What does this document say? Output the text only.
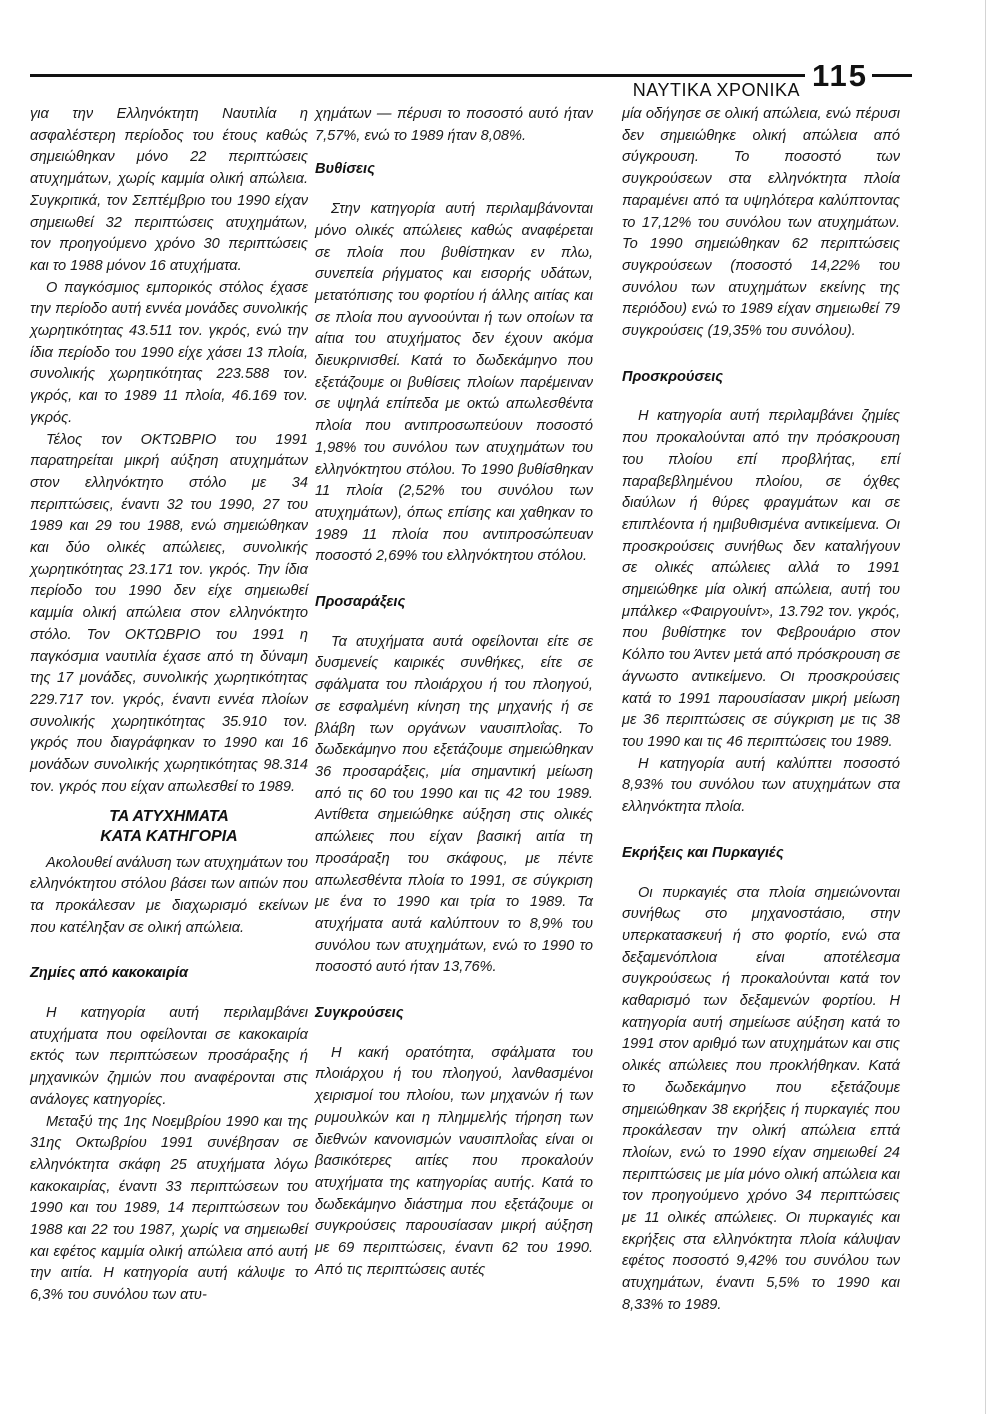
ΝΑΥΤΙΚΑ ΧΡΟΝΙΚΑ 115

για την Ελληνόκτητη Ναυτιλία η ασφαλέστερη περίοδος του έτους καθώς σημειώθηκαν μόνο 22 περιπτώσεις ατυχημάτων, χωρίς καμμία ολική απώλεια. Συγκριτικά, τον Σεπτέμβριο του 1990 είχαν σημειωθεί 32 περιπτώσεις ατυχημάτων, τον προηγούμενο χρόνο 30 περιπτώσεις και το 1988 μόνον 16 ατυχήματα.

Ο παγκόσμιος εμπορικός στόλος έχασε την περίοδο αυτή εννέα μονάδες συνολικής χωρητικότητας 43.511 τον. γκρός, ενώ την ίδια περίοδο του 1990 είχε χάσει 13 πλοία, συνολικής χωρητικότητας 223.588 τον. γκρός, και το 1989 11 πλοία, 46.169 τον. γκρός.

Τέλος τον ΟΚΤΩΒΡΙΟ του 1991 παρατηρείται μικρή αύξηση ατυχημάτων στον ελληνόκτητο στόλο με 34 περιπτώσεις, έναντι 32 του 1990, 27 του 1989 και 29 του 1988, ενώ σημειώθηκαν και δύο ολικές απώλειες, συνολικής χωρητικότητας 23.171 τον. γκρός. Την ίδια περίοδο του 1990 δεν είχε σημειωθεί καμμία ολική απώλεια στον ελληνόκτητο στόλο. Τον ΟΚΤΩΒΡΙΟ του 1991 η παγκόσμια ναυτιλία έχασε από τη δύναμη της 17 μονάδες, συνολικής χωρητικότητας 229.717 τον. γκρός, έναντι εννέα πλοίων συνολικής χωρητικότητας 35.910 τον. γκρός που διαγράφηκαν το 1990 και 16 μονάδων συνολικής χωρητικότητας 98.314 τον. γκρός που είχαν απωλεσθεί το 1989.

ΤΑ ΑΤΥΧΗΜΑΤΑ
ΚΑΤΑ ΚΑΤΗΓΟΡΙΑ

Ακολουθεί ανάλυση των ατυχημάτων του ελληνόκτητου στόλου βάσει των αιτιών που τα προκάλεσαν με διαχωρισμό εκείνων που κατέληξαν σε ολική απώλεια.

Ζημίες από κακοκαιρία

Η κατηγορία αυτή περιλαμβάνει ατυχήματα που οφείλονται σε κακοκαιρία εκτός των περιπτώσεων προσάραξης ή μηχανικών ζημιών που αναφέρονται στις ανάλογες κατηγορίες.

Μεταξύ της 1ης Νοεμβρίου 1990 και της 31ης Οκτωβρίου 1991 συνέβησαν σε ελληνόκτητα σκάφη 25 ατυχήματα λόγω κακοκαιρίας, έναντι 33 περιπτώσεων του 1990 και του 1989, 14 περιπτώσεων του 1988 και 22 του 1987, χωρίς να σημειωθεί και εφέτος καμμία ολική απώλεια από αυτή την αιτία. Η κατηγορία αυτή κάλυψε το 6,3% του συνόλου των ατυ-

χημάτων — πέρυσι το ποσοστό αυτό ήταν 7,57%, ενώ το 1989 ήταν 8,08%.

Βυθίσεις

Στην κατηγορία αυτή περιλαμβάνονται μόνο ολικές απώλειες καθώς αναφέρεται σε πλοία που βυθίστηκαν εν πλω, συνεπεία ρήγματος και εισορής υδάτων, μετατόπισης του φορτίου ή άλλης αιτίας και σε πλοία που αγνοούνται ή των οποίων τα αίτια του ατυχήματος δεν έχουν ακόμα διευκρινισθεί. Κατά το δωδεκάμηνο που εξετάζουμε οι βυθίσεις πλοίων παρέμειναν σε υψηλά επίπεδα με οκτώ απωλεσθέντα πλοία που αντιπροσωπεύουν ποσοστό 1,98% του συνόλου των ατυχημάτων του ελληνόκτητου στόλου. Το 1990 βυθίσθηκαν 11 πλοία (2,52% του συνόλου των ατυχημάτων), όπως επίσης και χαθηκαν το 1989 11 πλοία που αντιπροσώπευαν ποσοστό 2,69% του ελληνόκτητου στόλου.

Προσαράξεις

Τα ατυχήματα αυτά οφείλονται είτε σε δυσμενείς καιρικές συνθήκες, είτε σε σφάλματα του πλοιάρχου ή του πλοηγού, σε εσφαλμένη κίνηση της μηχανής ή σε βλάβη των οργάνων ναυσιπλοΐας. Το δωδεκάμηνο που εξετάζουμε σημειώθηκαν 36 προσαράξεις, μία σημαντική μείωση από τις 60 του 1990 και τις 42 του 1989. Αντίθετα σημειώθηκε αύξηση στις ολικές απώλειες που είχαν βασική αιτία τη προσάραξη του σκάφους, με πέντε απωλεσθέντα πλοία το 1991, σε σύγκριση με ένα το 1990 και τρία το 1989. Τα ατυχήματα αυτά καλύπτουν το 8,9% του συνόλου των ατυχημάτων, ενώ το 1990 το ποσοστό αυτό ήταν 13,76%.

Συγκρούσεις

Η κακή ορατότητα, σφάλματα του πλοιάρχου ή του πλοηγού, λανθασμένοι χειρισμοί του πλοίου, των μηχανών ή των ρυμουλκών και η πλημμελής τήρηση των διεθνών κανονισμών ναυσιπλοΐας είναι οι βασικότερες αιτίες που προκαλούν ατυχήματα της κατηγορίας αυτής. Κατά το δωδεκάμηνο διάστημα που εξετάζουμε οι συγκρούσεις παρουσίασαν μικρή αύξηση με 69 περιπτώσεις, έναντι 62 του 1990. Από τις περιπτώσεις αυτές

μία οδήγησε σε ολική απώλεια, ενώ πέρυσι δεν σημειώθηκε ολική απώλεια από σύγκρουση. Το ποσοστό των συγκρούσεων στα ελληνόκτητα πλοία παραμένει από τα υψηλότερα καλύπτοντας το 17,12% του συνόλου των ατυχημάτων. Το 1990 σημειώθηκαν 62 περιπτώσεις συγκρούσεων (ποσοστό 14,22% του συνόλου των ατυχημάτων εκείνης της περιόδου) ενώ το 1989 είχαν σημειωθεί 79 συγκρούσεις (19,35% του συνόλου).

Προσκρούσεις

Η κατηγορία αυτή περιλαμβάνει ζημίες που προκαλούνται από την πρόσκρουση του πλοίου επί προβλήτας, επί παραβεβλημένου πλοίου, σε όχθες διαύλων ή θύρες φραγμάτων και σε επιπλέοντα ή ημιβυθισμένα αντικείμενα. Οι προσκρούσεις συνήθως δεν καταλήγουν σε ολικές απώλειες αλλά το 1991 σημειώθηκε μία ολική απώλεια, αυτή του μπάλκερ «Φαιργουίντ», 13.792 τον. γκρός, που βυθίστηκε τον Φεβρουάριο στον Κόλπο του Άντεν μετά από πρόσκρουση σε άγνωστο αντικείμενο. Οι προσκρούσεις κατά το 1991 παρουσίασαν μικρή μείωση με 36 περιπτώσεις σε σύγκριση με τις 38 του 1990 και τις 46 περιπτώσεις του 1989.

Η κατηγορία αυτή καλύπτει ποσοστό 8,93% του συνόλου των ατυχημάτων στα ελληνόκτητα πλοία.

Εκρήξεις και Πυρκαγιές

Οι πυρκαγιές στα πλοία σημειώνονται συνήθως στο μηχανοστάσιο, στην υπερκατασκευή ή στο φορτίο, ενώ στα δεξαμενόπλοια είναι αποτέλεσμα συγκρούσεως ή προκαλούνται κατά τον καθαρισμό των δεξαμενών φορτίου. Η κατηγορία αυτή σημείωσε αύξηση κατά το 1991 στον αριθμό των ατυχημάτων και στις ολικές απώλειες που προκλήθηκαν. Κατά το δωδεκάμηνο που εξετάζουμε σημειώθηκαν 38 εκρήξεις ή πυρκαγιές που προκάλεσαν την ολική απώλεια επτά πλοίων, ενώ το 1990 είχαν σημειωθεί 24 περιπτώσεις με μία μόνο ολική απώλεια και τον προηγούμενο χρόνο 34 περιπτώσεις με 11 ολικές απώλειες. Οι πυρκαγιές και εκρήξεις στα ελληνόκτητα πλοία κάλυψαν εφέτος ποσοστό 9,42% του συνόλου των ατυχημάτων, έναντι 5,5% το 1990 και 8,33% το 1989.
